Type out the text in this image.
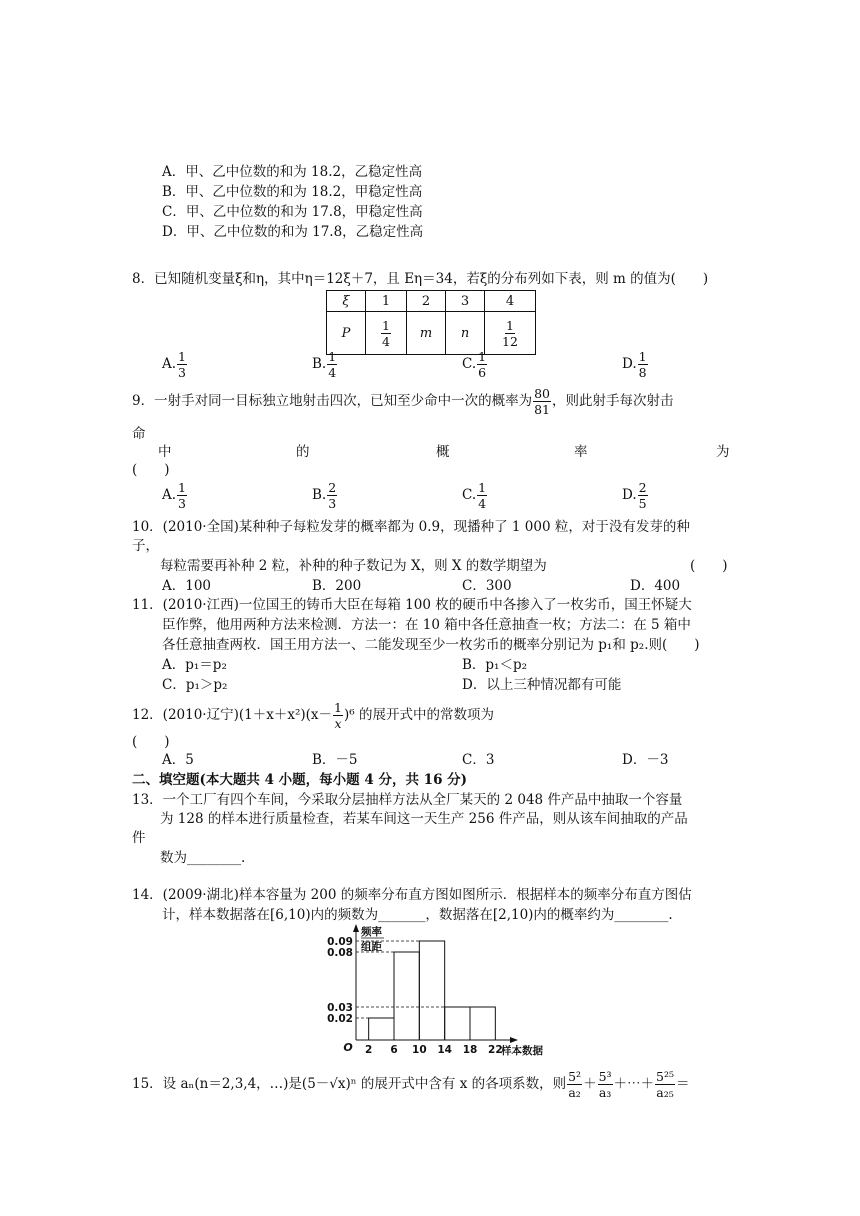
A．甲、乙中位数的和为 18.2，乙稳定性高
B．甲、乙中位数的和为 18.2，甲稳定性高
C．甲、乙中位数的和为 17.8，甲稳定性高
D．甲、乙中位数的和为 17.8，乙稳定性高
8．已知随机变量ξ和η，其中η＝12ξ＋7，且 Eη＝34，若ξ的分布列如下表，则 m 的值为(　　)
ξ	1	2	3	4
P	$\frac{1}{4}$	m	n	$\frac{1}{12}$
A. $\frac{1}{3}$	B. $\frac{1}{4}$	C. $\frac{1}{6}$	D. $\frac{1}{8}$
9．一射手对同一目标独立地射击四次，已知至少命中一次的概率为 $\frac{80}{81}$ ，则此射手每次射击
命
中	的	概	率	为
(　　)
A. $\frac{1}{3}$	B. $\frac{2}{3}$	C. $\frac{1}{4}$	D. $\frac{2}{5}$
10．(2010·全国)某种种子每粒发芽的概率都为 0.9，现播种了 1 000 粒，对于没有发芽的种
子，
每粒需要再补种 2 粒，补种的种子数记为 X，则 X 的数学期望为	(　　)
A．100	B．200	C．300	D．400
11．(2010·江西)一位国王的铸币大臣在每箱 100 枚的硬币中各掺入了一枚劣币，国王怀疑大
臣作弊，他用两种方法来检测．方法一：在 10 箱中各任意抽查一枚；方法二：在 5 箱中
各任意抽查两枚．国王用方法一、二能发现至少一枚劣币的概率分别记为 p₁和 p₂.则(　　)
A．p₁＝p₂	B．p₁＜p₂
C．p₁＞p₂	D．以上三种情况都有可能
12．(2010·辽宁)$(1+x+x^2)(x- \frac{1}{x} )^6$ 的展开式中的常数项为
(　　)
A．5	B．－5	C．3	D．－3
二、填空题(本大题共 4 小题，每小题 4 分，共 16 分)
13．一个工厂有四个车间，今采取分层抽样方法从全厂某天的 2 048 件产品中抽取一个容量
为 128 的样本进行质量检查，若某车间这一天生产 256 件产品，则从该车间抽取的产品
件
数为________.
14．(2009·湖北)样本容量为 200 的频率分布直方图如图所示．根据样本的频率分布直方图估
计，样本数据落在[6,10)内的频数为_______，数据落在[2,10)内的概率约为________.
0.02
0.03
0.08
0.09
2 6 10 14 18 22
O	样本数据
频率
组距
15．设 aₙ(n＝2,3,4，…)是(5－√x)ⁿ 的展开式中含有 x 的各项系数，则 $\frac{\text{5²}}{\text{a₂}} + \frac{\text{5³}}{\text{a₃}}$ ＋⋯＋ $\frac{\text{5²⁵}}{\text{a₂₅}}$ ＝
